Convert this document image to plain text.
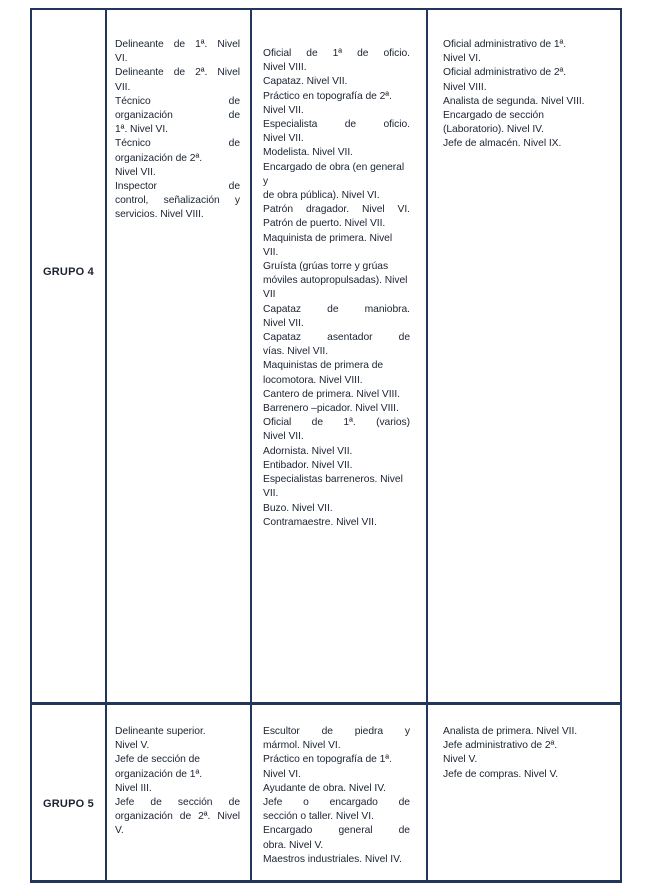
GRUPO 4
Delineante de 1ª. Nivel
VI.
Delineante de 2ª. Nivel
VII.
Técnico de
organización de
1ª. Nivel VI.
Técnico de
organización de 2ª.
Nivel VII.
Inspector de
control, señalización y
servicios. Nivel VIII.
Oficial de 1ª de oficio.
Nivel VIII.
Capataz. Nivel VII.
Práctico en topografía de 2ª.
Nivel VII.
Especialista de oficio.
Nivel VII.
Modelista. Nivel VII.
Encargado de obra (en general y
de obra pública). Nivel VI.
Patrón dragador. Nivel VI.
Patrón de puerto. Nivel VII.
Maquinista de primera. Nivel
VII.
Gruísta (grúas torre y grúas
móviles autopropulsadas). Nivel
VII
Capataz de maniobra.
Nivel VII.
Capataz asentador de
vías. Nivel VII.
Maquinistas de primera de
locomotora. Nivel VIII.
Cantero de primera. Nivel VIII.
Barrenero –picador. Nivel VIII.
Oficial de 1ª. (varios)
Nivel VII.
Adornista. Nivel VII.
Entibador. Nivel VII.
Especialistas barreneros. Nivel
VII.
Buzo. Nivel VII.
Contramaestre. Nivel VII.
Oficial administrativo de 1ª.
Nivel VI.
Oficial administrativo de 2ª.
Nivel VIII.
Analista de segunda. Nivel VIII.
Encargado de sección
(Laboratorio). Nivel IV.
Jefe de almacén. Nivel IX.
GRUPO 5
Delineante superior.
Nivel V.
Jefe de sección de
organización de 1ª.
Nivel III.
Jefe de sección de
organización de 2ª. Nivel
V.
Escultor de piedra y
mármol. Nivel VI.
Práctico en topografía de 1ª.
Nivel VI.
Ayudante de obra. Nivel IV.
Jefe o encargado de
sección o taller. Nivel VI.
Encargado general de
obra. Nivel V.
Maestros industriales. Nivel IV.
Analista de primera. Nivel VII.
Jefe administrativo de 2ª.
Nivel V.
Jefe de compras. Nivel V.
